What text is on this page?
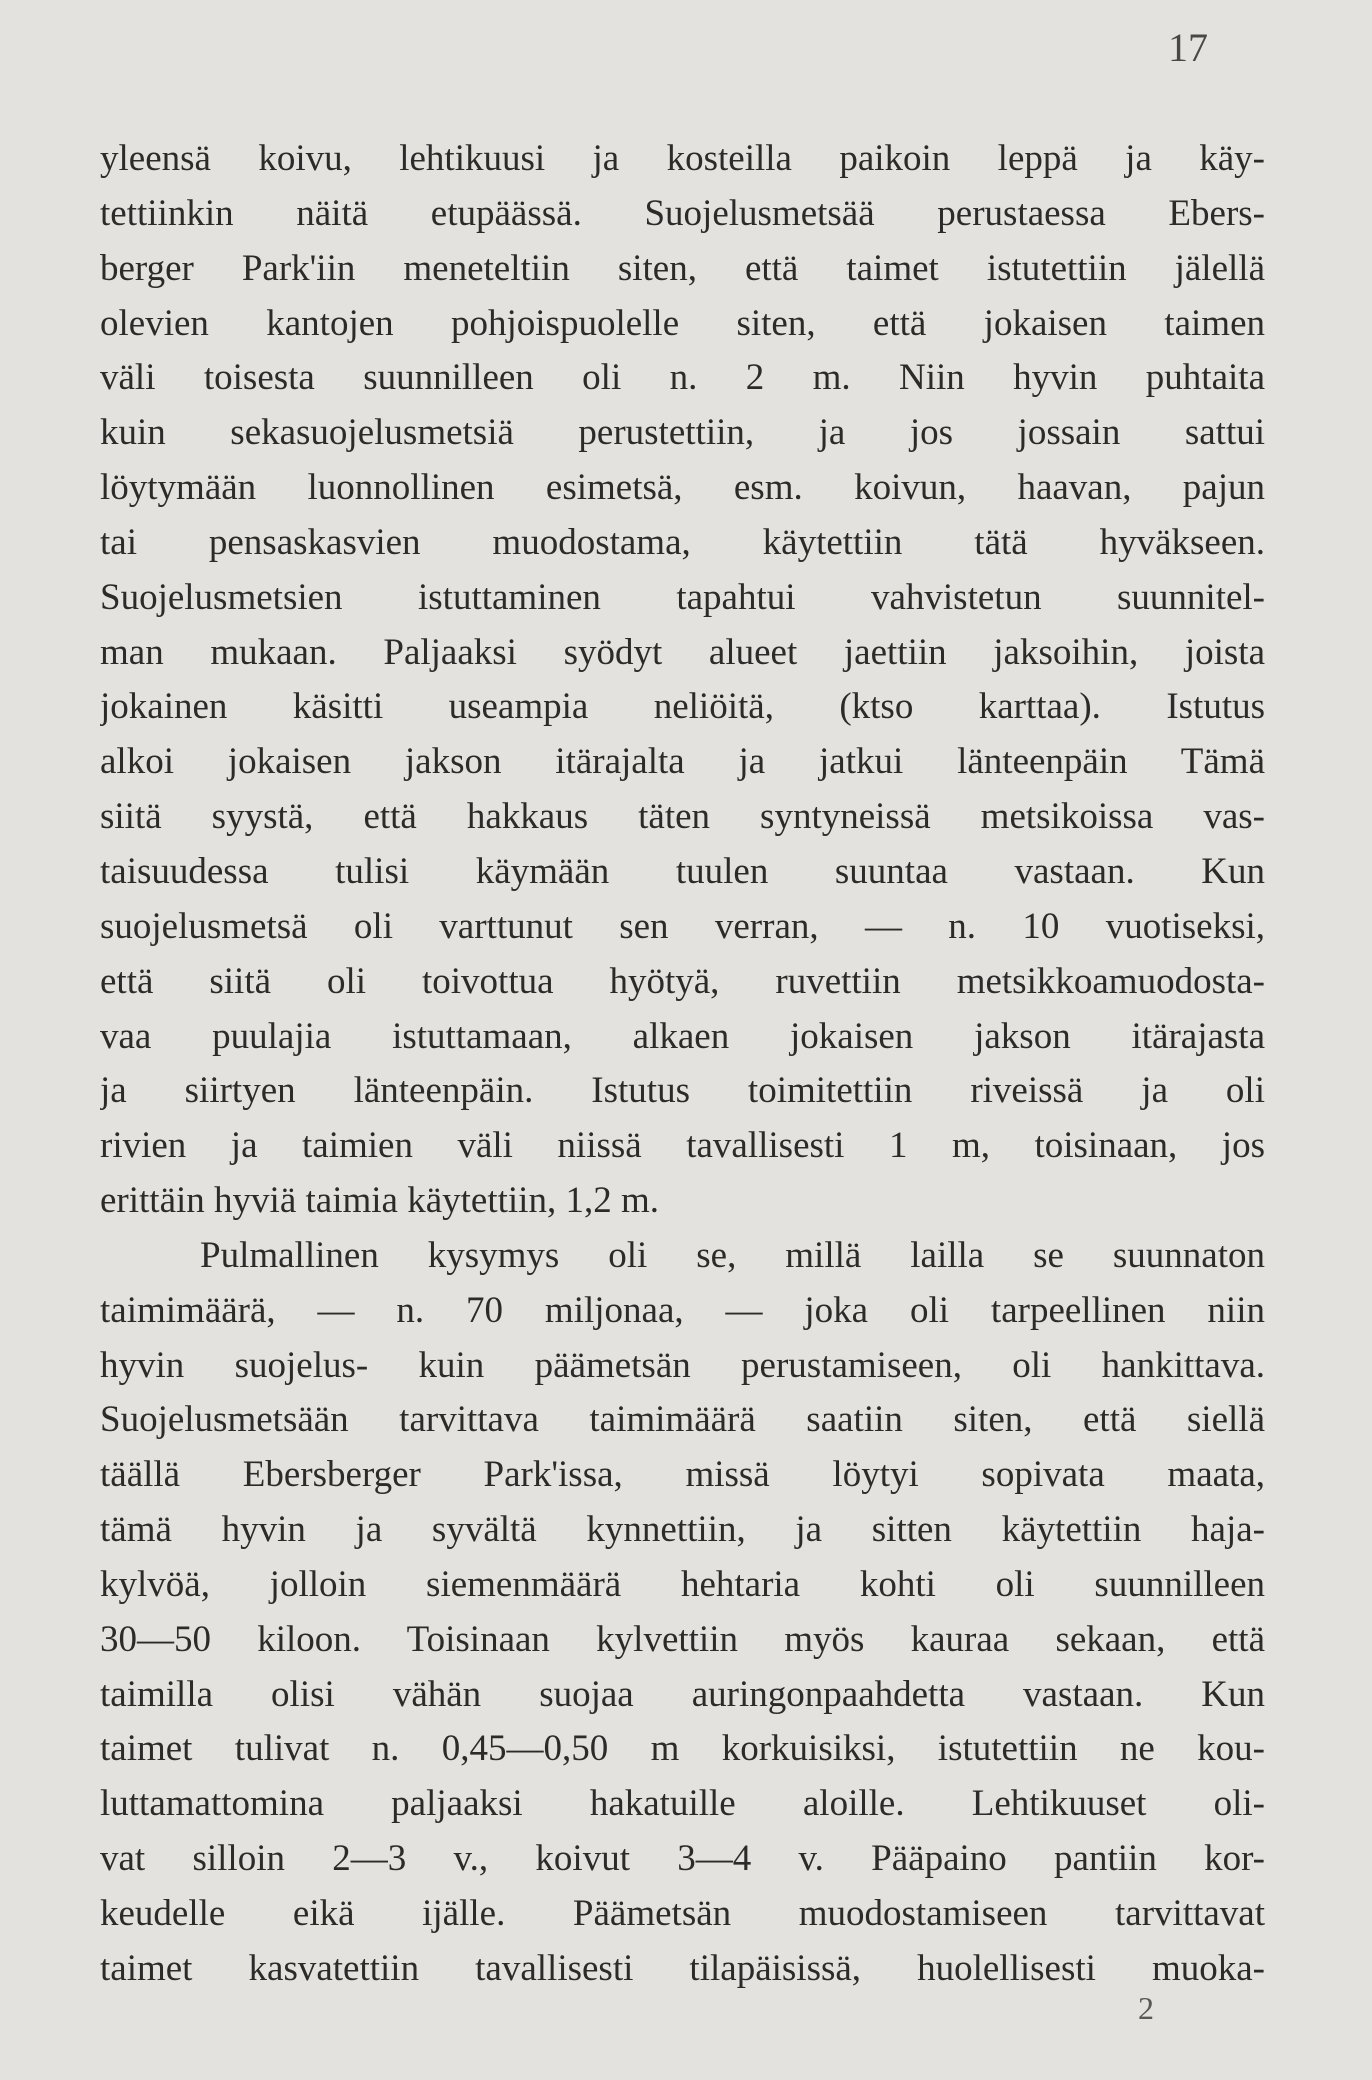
17
yleensä koivu, lehtikuusi ja kosteilla paikoin leppä ja käy-
tettiinkin näitä etupäässä. Suojelusmetsää perustaessa Ebers-
berger Park'iin meneteltiin siten, että taimet istutettiin jälellä
olevien kantojen pohjoispuolelle siten, että jokaisen taimen
väli toisesta suunnilleen oli n. 2 m. Niin hyvin puhtaita
kuin sekasuojelusmetsiä perustettiin, ja jos jossain sattui
löytymään luonnollinen esimetsä, esm. koivun, haavan, pajun
tai pensaskasvien muodostama, käytettiin tätä hyväkseen.
Suojelusmetsien istuttaminen tapahtui vahvistetun suunnitel-
man mukaan. Paljaaksi syödyt alueet jaettiin jaksoihin, joista
jokainen käsitti useampia neliöitä, (ktso karttaa). Istutus
alkoi jokaisen jakson itärajalta ja jatkui länteenpäin Tämä
siitä syystä, että hakkaus täten syntyneissä metsikoissa vas-
taisuudessa tulisi käymään tuulen suuntaa vastaan. Kun
suojelusmetsä oli varttunut sen verran, — n. 10 vuotiseksi,
että siitä oli toivottua hyötyä, ruvettiin metsikkoamuodosta-
vaa puulajia istuttamaan, alkaen jokaisen jakson itärajasta
ja siirtyen länteenpäin. Istutus toimitettiin riveissä ja oli
rivien ja taimien väli niissä tavallisesti 1 m, toisinaan, jos
erittäin hyviä taimia käytettiin, 1,2 m.
Pulmallinen kysymys oli se, millä lailla se suunnaton
taimimäärä, — n. 70 miljonaa, — joka oli tarpeellinen niin
hyvin suojelus- kuin päämetsän perustamiseen, oli hankittava.
Suojelusmetsään tarvittava taimimäärä saatiin siten, että siellä
täällä Ebersberger Park'issa, missä löytyi sopivata maata,
tämä hyvin ja syvältä kynnettiin, ja sitten käytettiin haja-
kylvöä, jolloin siemenmäärä hehtaria kohti oli suunnilleen
30—50 kiloon. Toisinaan kylvettiin myös kauraa sekaan, että
taimilla olisi vähän suojaa auringonpaahdetta vastaan. Kun
taimet tulivat n. 0,45—0,50 m korkuisiksi, istutettiin ne kou-
luttamattomina paljaaksi hakatuille aloille. Lehtikuuset oli-
vat silloin 2—3 v., koivut 3—4 v. Pääpaino pantiin kor-
keudelle eikä ijälle. Päämetsän muodostamiseen tarvittavat
taimet kasvatettiin tavallisesti tilapäisissä, huolellisesti muoka-
2
